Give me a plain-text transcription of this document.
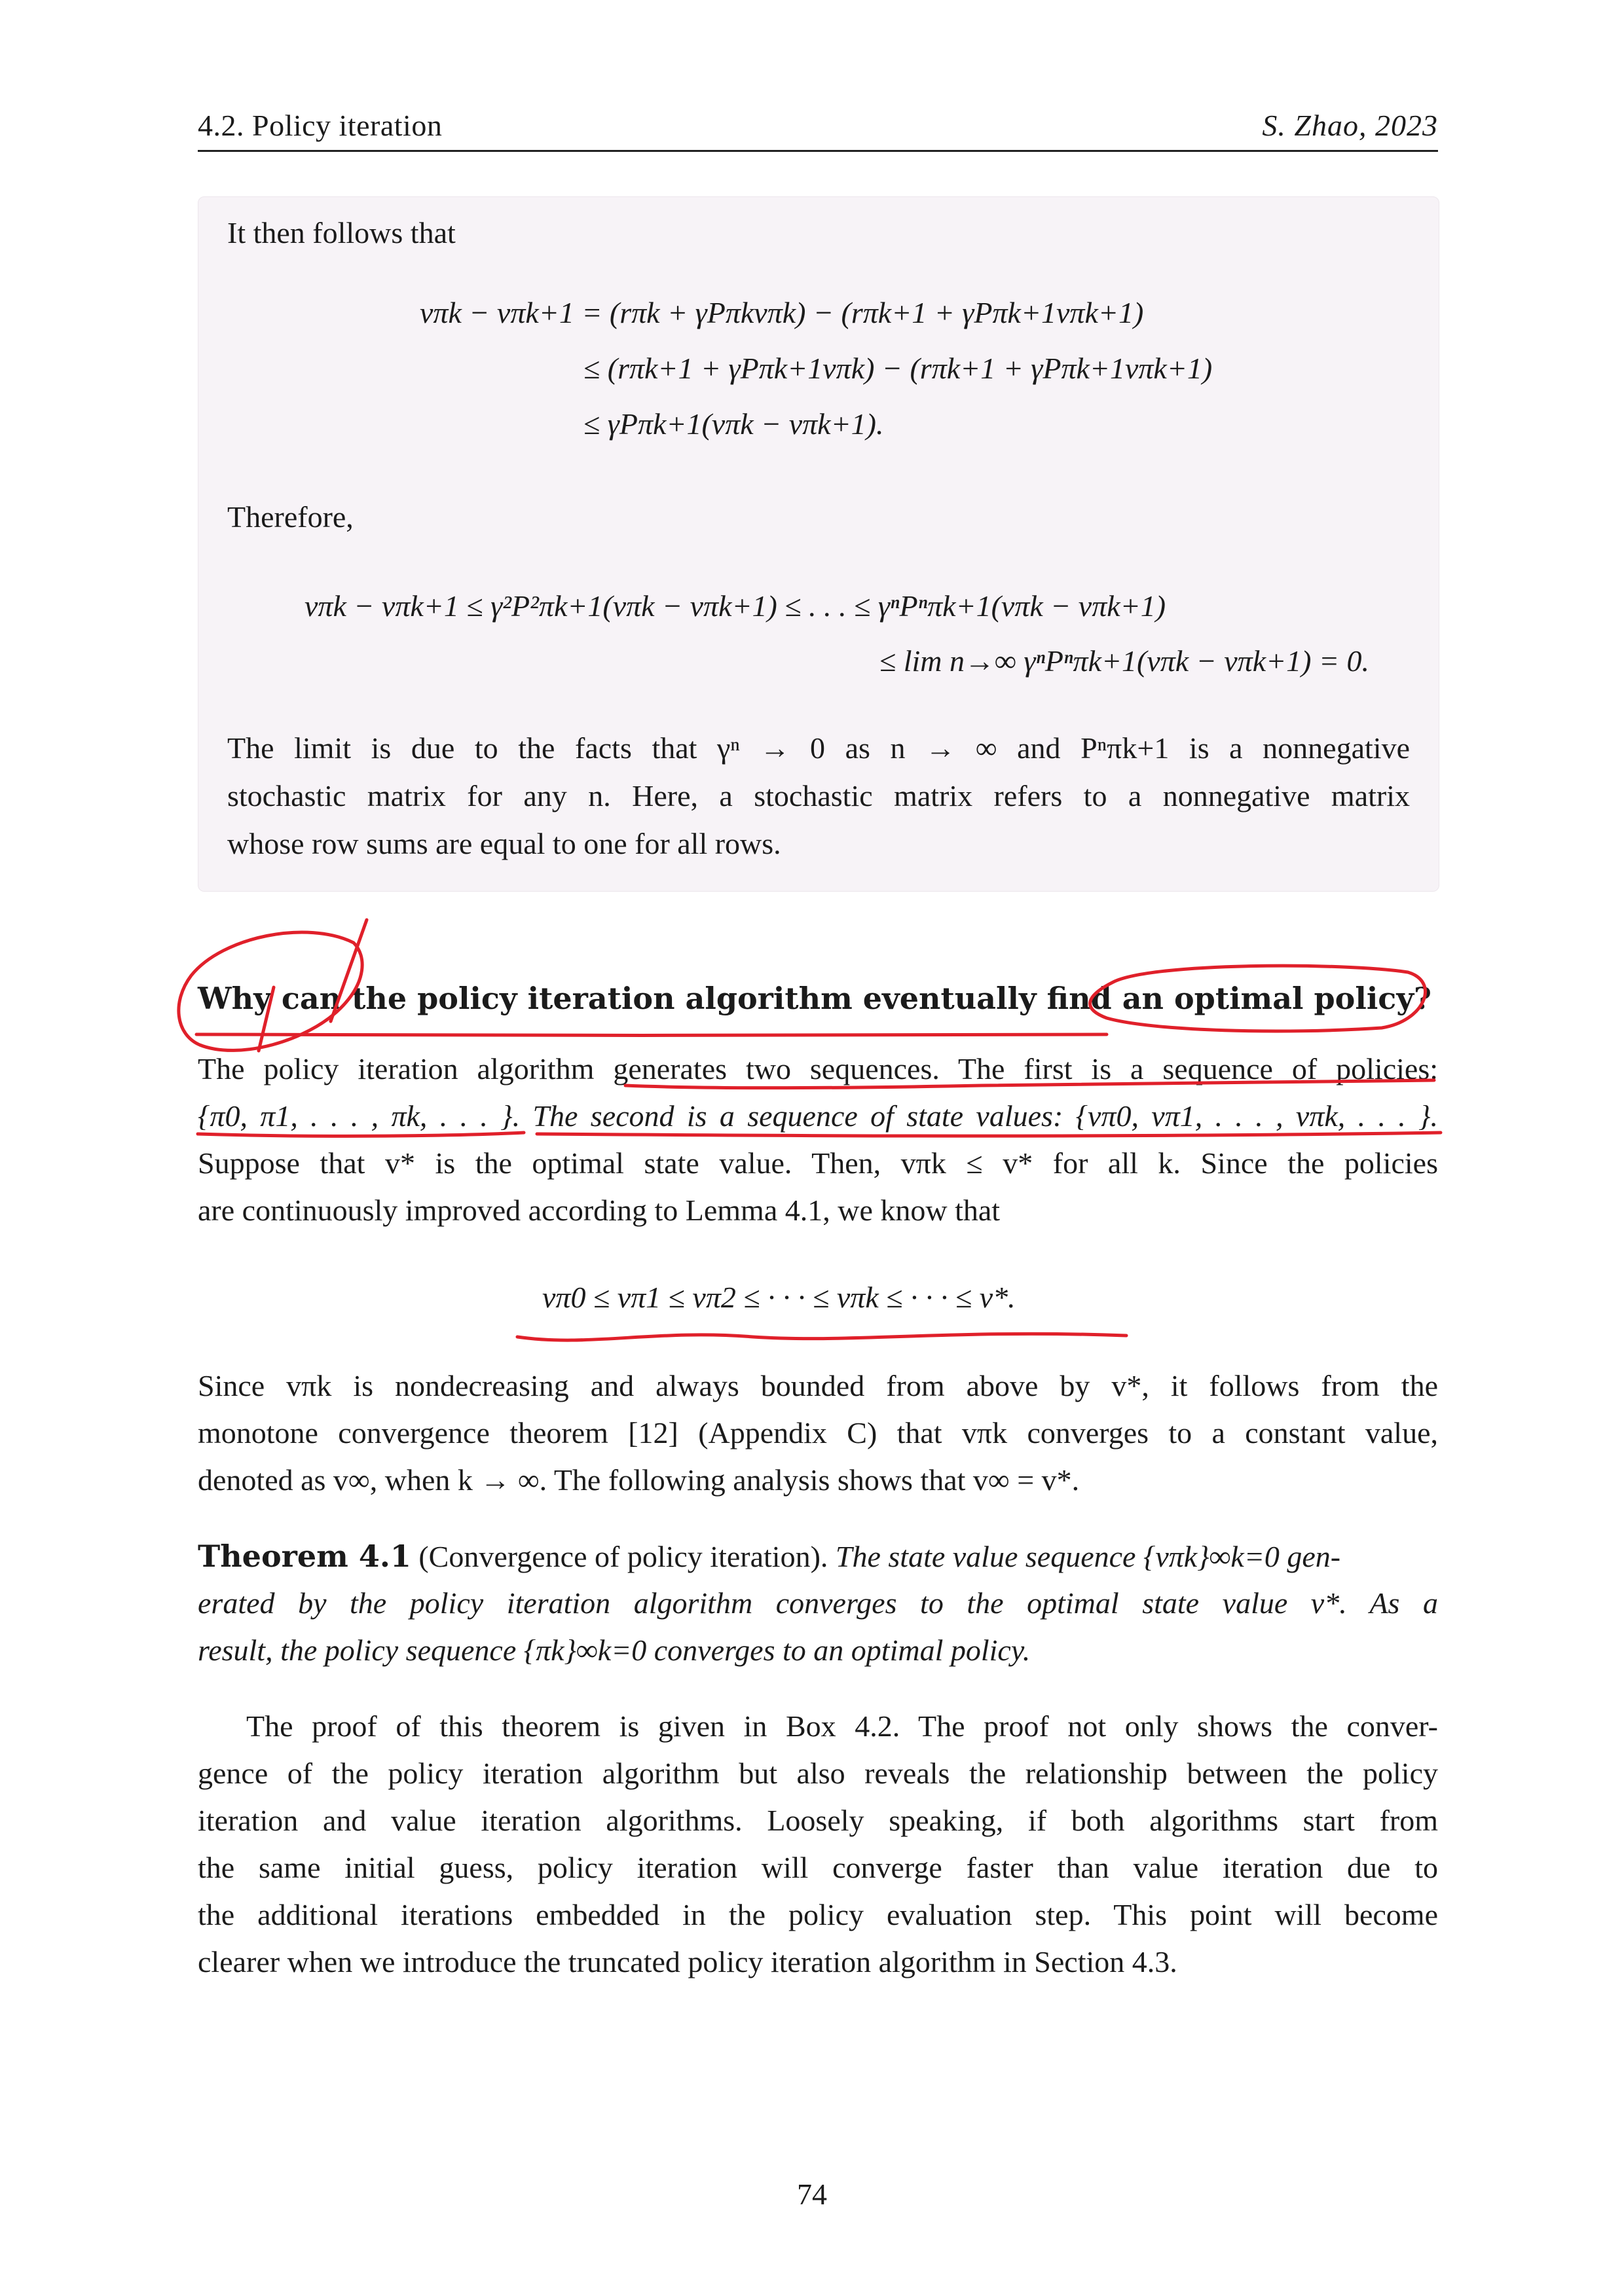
4.2. Policy iteration	S. Zhao, 2023
It then follows that
vπk − vπk+1 = (rπk + γPπkvπk) − (rπk+1 + γPπk+1vπk+1)
≤ (rπk+1 + γPπk+1vπk) − (rπk+1 + γPπk+1vπk+1)
≤ γPπk+1(vπk − vπk+1).
Therefore,
vπk − vπk+1 ≤ γ²P²πk+1(vπk − vπk+1) ≤ . . . ≤ γⁿPⁿπk+1(vπk − vπk+1)
≤ lim n→∞ γⁿPⁿπk+1(vπk − vπk+1) = 0.
The limit is due to the facts that γⁿ → 0 as n → ∞ and Pⁿπk+1 is a nonnegative
stochastic matrix for any n. Here, a stochastic matrix refers to a nonnegative matrix
whose row sums are equal to one for all rows.
Why can the policy iteration algorithm eventually find an optimal policy?
The policy iteration algorithm generates two sequences. The first is a sequence of policies:
{π0, π1, . . . , πk, . . . }. The second is a sequence of state values: {vπ0, vπ1, . . . , vπk, . . . }.
Suppose that v* is the optimal state value. Then, vπk ≤ v* for all k. Since the policies
are continuously improved according to Lemma 4.1, we know that
vπ0 ≤ vπ1 ≤ vπ2 ≤ · · · ≤ vπk ≤ · · · ≤ v*.
Since vπk is nondecreasing and always bounded from above by v*, it follows from the
monotone convergence theorem [12] (Appendix C) that vπk converges to a constant value,
denoted as v∞, when k → ∞. The following analysis shows that v∞ = v*.
Theorem 4.1 (Convergence of policy iteration). The state value sequence {vπk}∞k=0 gen-
erated by the policy iteration algorithm converges to the optimal state value v*. As a
result, the policy sequence {πk}∞k=0 converges to an optimal policy.
The proof of this theorem is given in Box 4.2. The proof not only shows the conver-
gence of the policy iteration algorithm but also reveals the relationship between the policy
iteration and value iteration algorithms. Loosely speaking, if both algorithms start from
the same initial guess, policy iteration will converge faster than value iteration due to
the additional iterations embedded in the policy evaluation step. This point will become
clearer when we introduce the truncated policy iteration algorithm in Section 4.3.
74
